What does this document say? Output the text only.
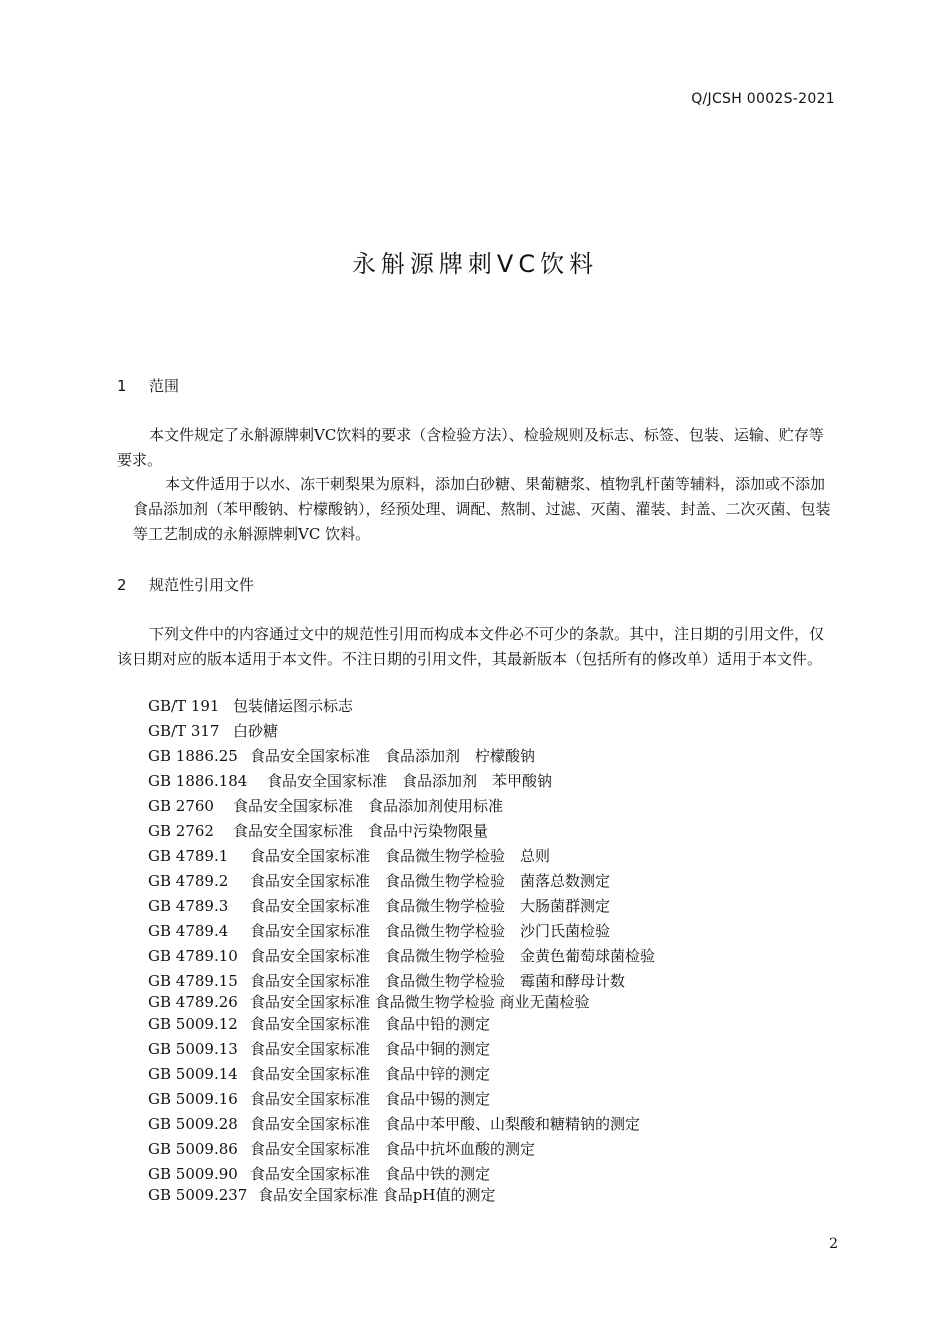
Q/JCSH 0002S-2021
永斛源牌刺VC饮料
1 范围

本文件规定了永斛源牌刺VC饮料的要求（含检验方法）、检验规则及标志、标签、包装、运输、贮存等要求。

本文件适用于以水、冻干刺梨果为原料，添加白砂糖、果葡糖浆、植物乳杆菌等辅料，添加或不添加食品添加剂（苯甲酸钠、柠檬酸钠），经预处理、调配、熬制、过滤、灭菌、灌装、封盖、二次灭菌、包装等工艺制成的永斛源牌刺VC 饮料。

2 规范性引用文件

下列文件中的内容通过文中的规范性引用而构成本文件必不可少的条款。其中，注日期的引用文件，仅该日期对应的版本适用于本文件。不注日期的引用文件，其最新版本（包括所有的修改单）适用于本文件。

GB/T 191 包装储运图示标志
GB/T 317 白砂糖
GB 1886.25 食品安全国家标准　食品添加剂　柠檬酸钠
GB 1886.184 食品安全国家标准　食品添加剂　苯甲酸钠
GB 2760 食品安全国家标准　食品添加剂使用标准
GB 2762 食品安全国家标准　食品中污染物限量
GB 4789.1 食品安全国家标准　食品微生物学检验　总则
GB 4789.2 食品安全国家标准　食品微生物学检验　菌落总数测定
GB 4789.3 食品安全国家标准　食品微生物学检验　大肠菌群测定
GB 4789.4 食品安全国家标准　食品微生物学检验　沙门氏菌检验
GB 4789.10 食品安全国家标准　食品微生物学检验　金黄色葡萄球菌检验
GB 4789.15 食品安全国家标准　食品微生物学检验　霉菌和酵母计数
GB 4789.26 食品安全国家标准 食品微生物学检验 商业无菌检验
GB 5009.12 食品安全国家标准　食品中铅的测定
GB 5009.13 食品安全国家标准　食品中铜的测定
GB 5009.14 食品安全国家标准　食品中锌的测定
GB 5009.16 食品安全国家标准　食品中锡的测定
GB 5009.28 食品安全国家标准　食品中苯甲酸、山梨酸和糖精钠的测定
GB 5009.86 食品安全国家标准　食品中抗坏血酸的测定
GB 5009.90 食品安全国家标准　食品中铁的测定
GB 5009.237 食品安全国家标准 食品pH值的测定
2
